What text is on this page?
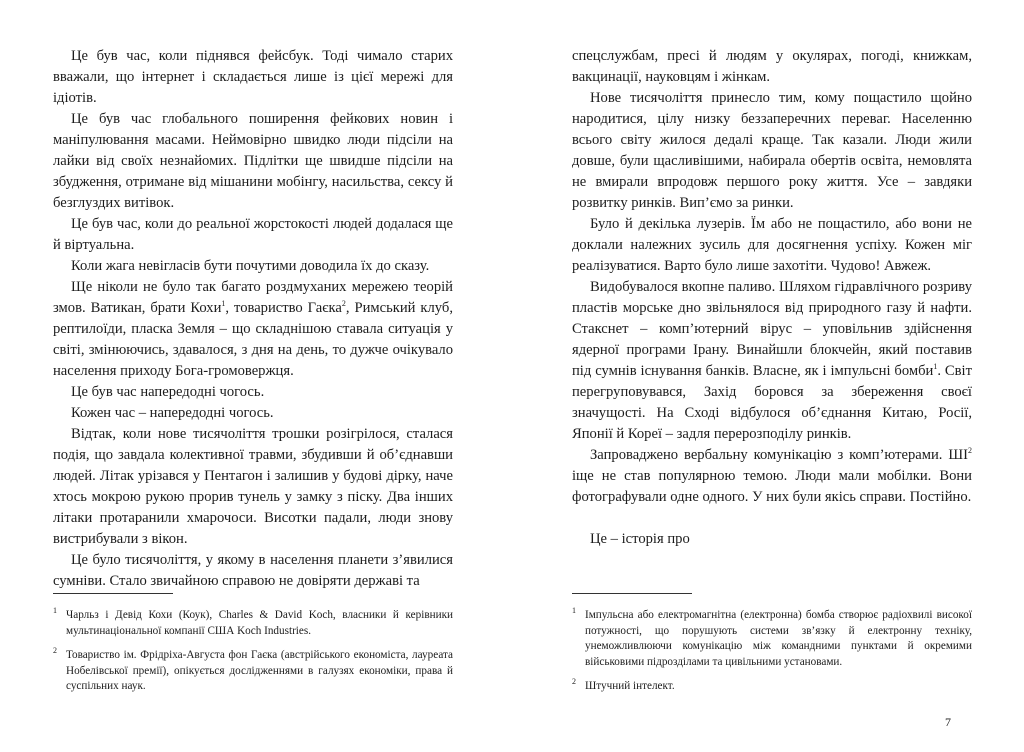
Це був час, коли піднявся фейсбук. Тоді чимало старих вважали, що інтернет і складається лише із цієї мережі для ідіотів.

Це був час глобального поширення фейкових новин і маніпулювання масами. Неймовірно швидко люди підсіли на лайки від своїх незнайомих. Підлітки ще швидше підсіли на збудження, отримане від мішанини мобінгу, насильства, сексу й безглуздих витівок.

Це був час, коли до реальної жорстокості людей додалася ще й віртуальна.

Коли жага невігласів бути почутими доводила їх до сказу.

Ще ніколи не було так багато роздмуханих мережею теорій змов. Ватикан, брати Кохи$^1$, товариство Гаєка$^2$, Римський клуб, рептилоїди, пласка Земля – що складнішою ставала ситуація у світі, змінюючись, здавалося, з дня на день, то дужче очікувало населення приходу Бога-громовержця.

Це був час напередодні чогось.

Кожен час – напередодні чогось.

Відтак, коли нове тисячоліття трошки розігрілося, сталася подія, що завдала колективної травми, збудивши й об’єднавши людей. Літак урізався у Пентагон і залишив у будові дірку, наче хтось мокрою рукою прорив тунель у замку з піску. Два інших літаки протаранили хмарочоси. Висотки падали, люди знову вистрибували з вікон.

Це було тисячоліття, у якому в населення планети з’явилися сумніви. Стало звичайною справою не довіряти державі та

1 Чарльз і Девід Кохи (Коук), Charles & David Koch, власники й керівники мультинаціональної компанії США Koch Industries.
2 Товариство ім. Фрідріха-Августа фон Гаєка (австрійського економіста, лауреата Нобелівської премії), опікується дослідженнями в галузях економіки, права й суспільних наук.

спецслужбам, пресі й людям у окулярах, погоді, книжкам, вакцинації, науковцям і жінкам.

Нове тисячоліття принесло тим, кому пощастило щойно народитися, цілу низку беззаперечних переваг. Населенню всього світу жилося дедалі краще. Так казали. Люди жили довше, були щасливішими, набирала обертів освіта, немовлята не вмирали впродовж першого року життя. Усе – завдяки розвитку ринків. Вип’ємо за ринки.

Було й декілька лузерів. Їм або не пощастило, або вони не доклали належних зусиль для досягнення успіху. Кожен міг реалізуватися. Варто було лише захотіти. Чудово! Авжеж.

Видобувалося вкопне паливо. Шляхом гідравлічного розриву пластів морське дно звільнялося від природного газу й нафти. Стакснет – комп’ютерний вірус – уповільнив здійснення ядерної програми Ірану. Винайшли блокчейн, який поставив під сумнів існування банків. Власне, як і імпульсні бомби$^1$. Світ перегруповувався, Захід боровся за збереження своєї значущості. На Сході відбулося об’єднання Китаю, Росії, Японії й Кореї – задля перерозподілу ринків.

Запроваджено вербальну комунікацію з комп’ютерами. ШІ$^2$ іще не став популярною темою. Люди мали мобілки. Вони фотографували одне одного. У них були якісь справи. Постійно.

Це – історія про

1 Імпульсна або електромагнітна (електронна) бомба створює радіохвилі високої потужності, що порушують системи зв’язку й електронну техніку, унеможливлюючи комунікацію між командними пунктами й окремими військовими підрозділами та цивільними установами.
2 Штучний інтелект.
7
